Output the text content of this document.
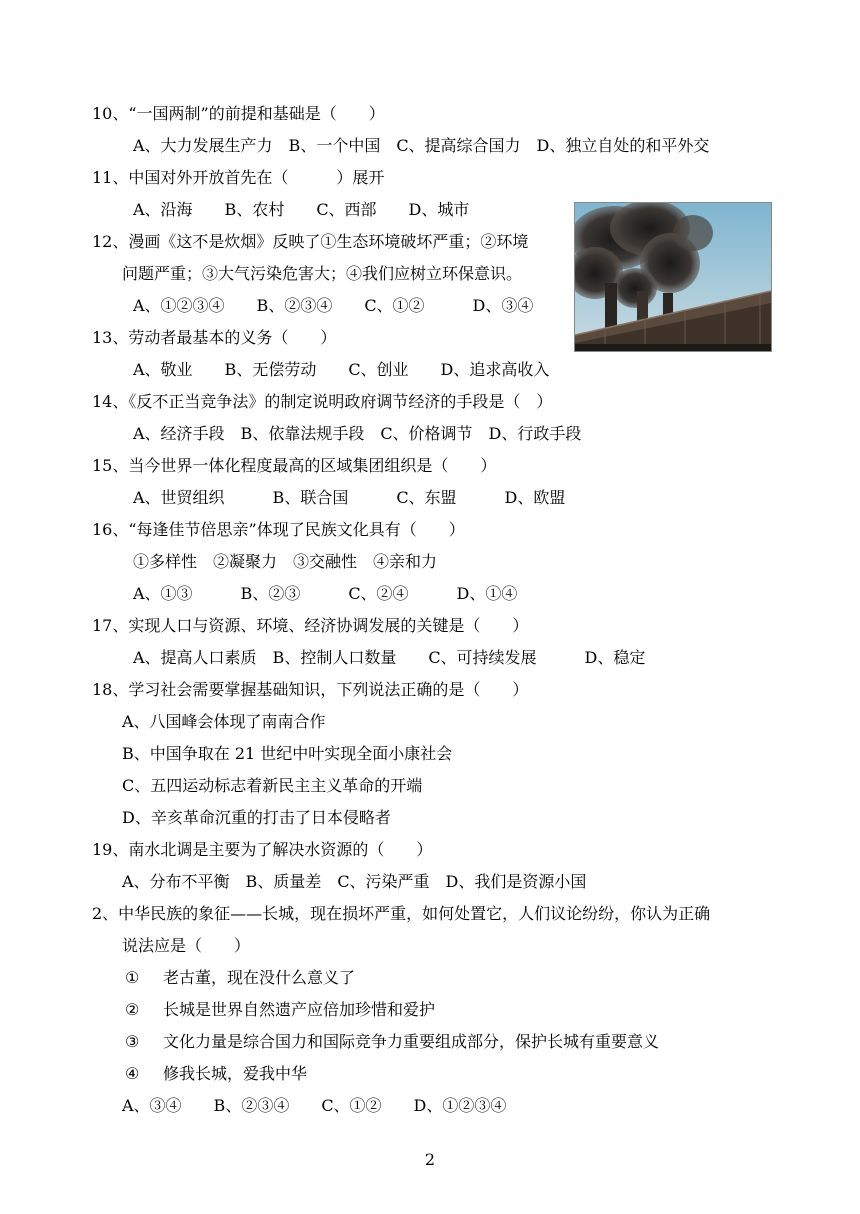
10、“一国两制”的前提和基础是（　　）
A、大力发展生产力　B、一个中国　C、提高综合国力　D、独立自处的和平外交
11、中国对外开放首先在（　　　）展开
A、沿海　　B、农村　　C、西部　　D、城市
12、漫画《这不是炊烟》反映了①生态环境破坏严重；②环境
问题严重；③大气污染危害大；④我们应树立环保意识。
A、①②③④　　B、②③④　　C、①②　　　D、③④
13、劳动者最基本的义务（　　）
A、敬业　　B、无偿劳动　　C、创业　　D、追求高收入
14、《反不正当竞争法》的制定说明政府调节经济的手段是（　）
A、经济手段　B、依靠法规手段　C、价格调节　D、行政手段
15、当今世界一体化程度最高的区域集团组织是（　　）
A、世贸组织　　　B、联合国　　　C、东盟　　　D、欧盟
16、“每逢佳节倍思亲”体现了民族文化具有（　　）
①多样性　②凝聚力　③交融性　④亲和力
A、①③　　　B、②③　　　C、②④　　　D、①④
17、实现人口与资源、环境、经济协调发展的关键是（　　）
A、提高人口素质　B、控制人口数量　　C、可持续发展　　　D、稳定
18、学习社会需要掌握基础知识，下列说法正确的是（　　）
A、八国峰会体现了南南合作
B、中国争取在 21 世纪中叶实现全面小康社会
C、五四运动标志着新民主主义革命的开端
D、辛亥革命沉重的打击了日本侵略者
19、南水北调是主要为了解决水资源的（　　）
A、分布不平衡　B、质量差　C、污染严重　D、我们是资源小国
2、中华民族的象征——长城，现在损坏严重，如何处置它，人们议论纷纷，你认为正确
说法应是（　　）
① 老古董，现在没什么意义了
② 长城是世界自然遗产应倍加珍惜和爱护
③ 文化力量是综合国力和国际竞争力重要组成部分，保护长城有重要意义
④ 修我长城，爱我中华
A、③④　　B、②③④　　C、①②　　D、①②③④
2
